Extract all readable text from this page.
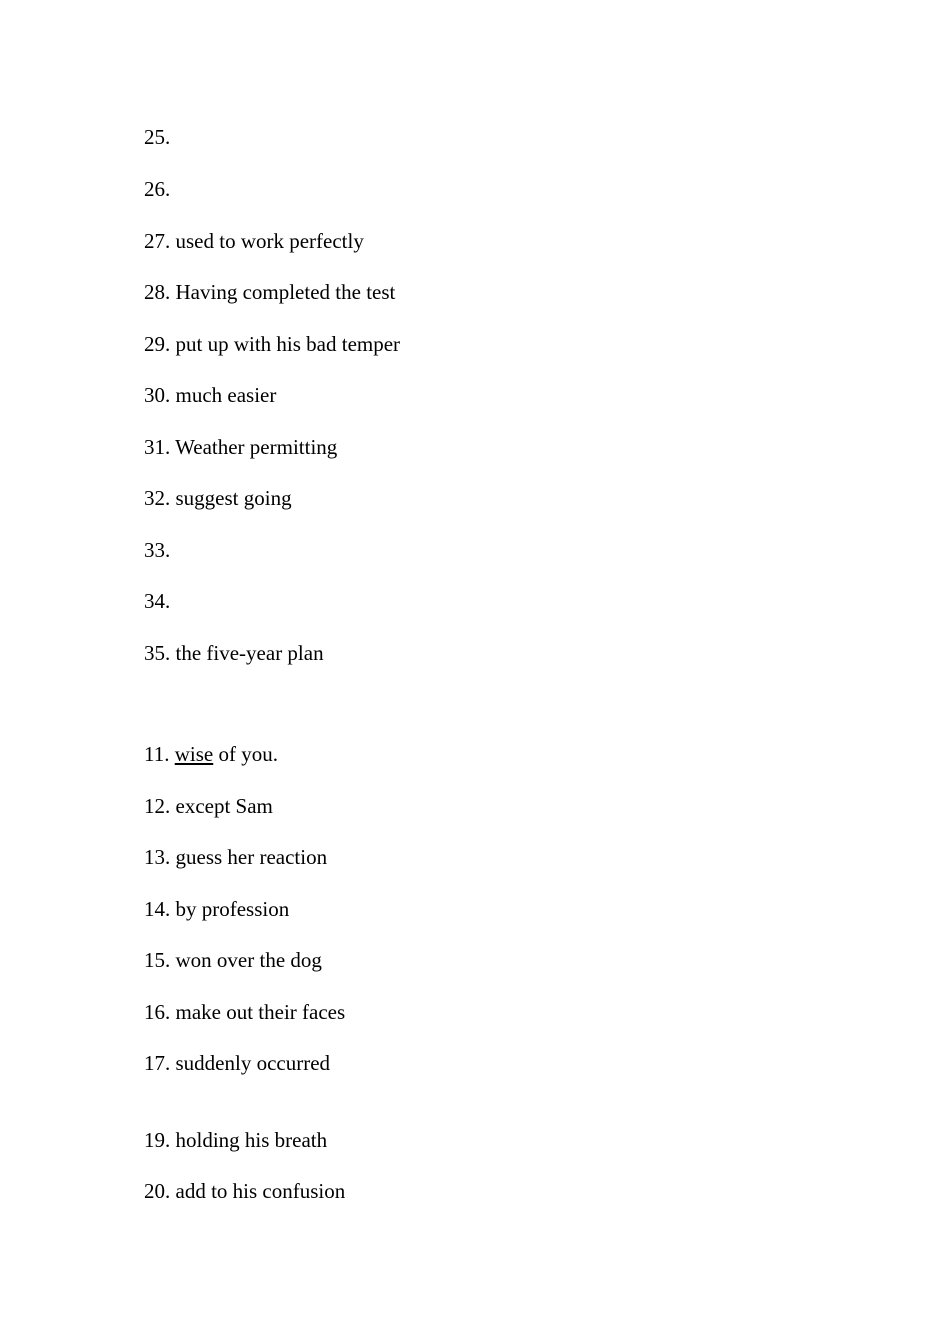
25.
26.
27. used to work perfectly
28. Having completed the test
29. put up with his bad temper
30. much easier
31. Weather permitting
32. suggest going
33.
34.
35. the five-year plan
11. wise of you.
12. except Sam
13. guess her reaction
14. by profession
15. won over the dog
16. make out their faces
17. suddenly occurred
19. holding his breath
20. add to his confusion
